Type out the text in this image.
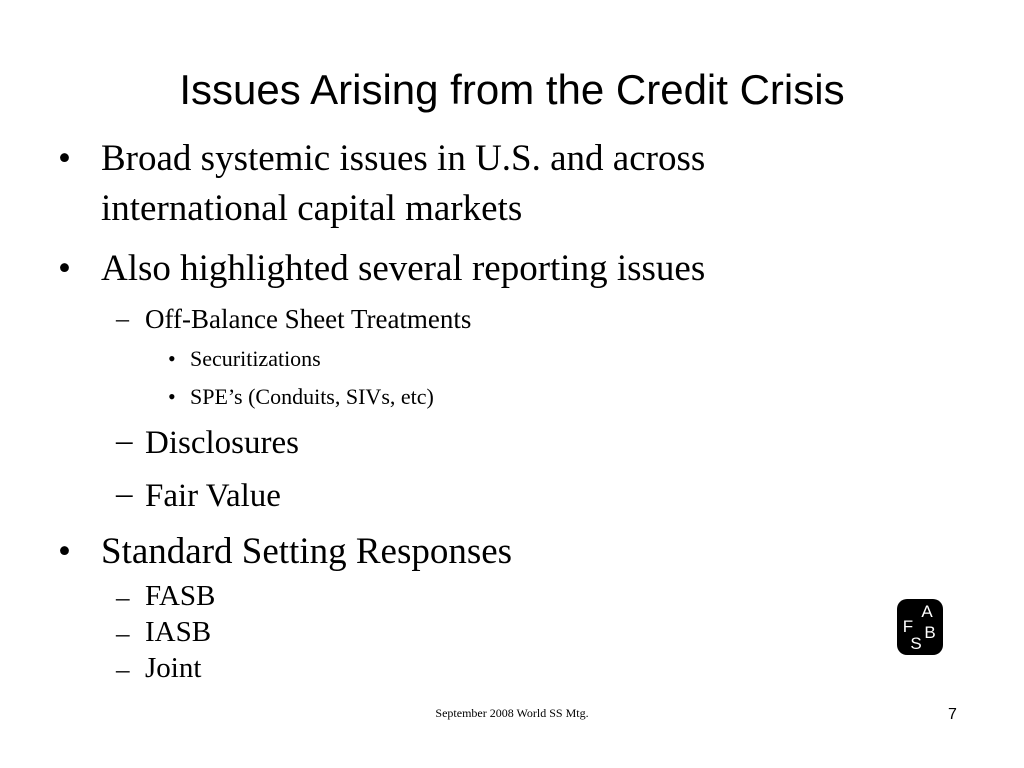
Issues Arising from the Credit Crisis
• Broad systemic issues in U.S. and across
international capital markets
• Also highlighted several reporting issues
– Off-Balance Sheet Treatments
• Securitizations
• SPE’s (Conduits, SIVs, etc)
– Disclosures
– Fair Value
• Standard Setting Responses
– FASB
– IASB
– Joint
F
A
S
B
September 2008 World SS Mtg.	7
